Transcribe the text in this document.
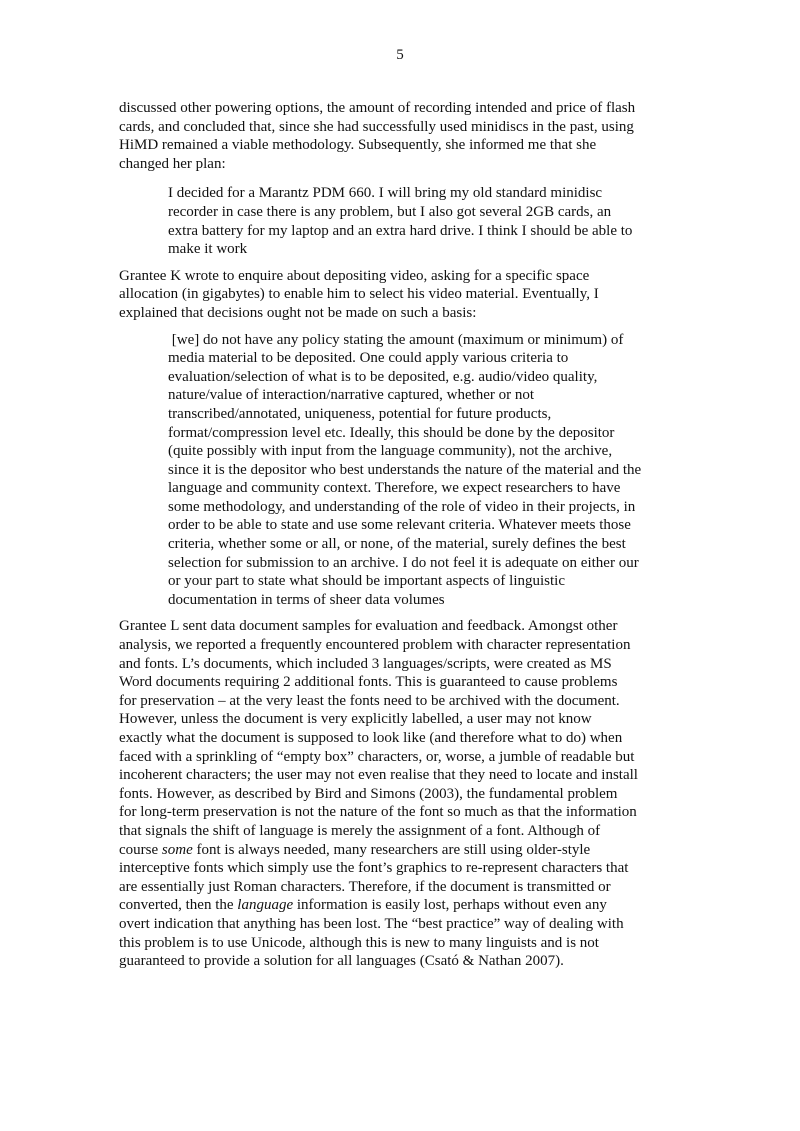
5
discussed other powering options, the amount of recording intended and price of flash
cards, and concluded that, since she had successfully used minidiscs in the past, using
HiMD remained a viable methodology. Subsequently, she informed me that she
changed her plan:
I decided for a Marantz PDM 660. I will bring my old standard minidisc
recorder in case there is any problem, but I also got several 2GB cards, an
extra battery for my laptop and an extra hard drive. I think I should be able to
make it work
Grantee K wrote to enquire about depositing video, asking for a specific space
allocation (in gigabytes) to enable him to select his video material. Eventually, I
explained that decisions ought not be made on such a basis:
[we] do not have any policy stating the amount (maximum or minimum) of
media material to be deposited. One could apply various criteria to
evaluation/selection of what is to be deposited, e.g. audio/video quality,
nature/value of interaction/narrative captured, whether or not
transcribed/annotated, uniqueness, potential for future products,
format/compression level etc. Ideally, this should be done by the depositor
(quite possibly with input from the language community), not the archive,
since it is the depositor who best understands the nature of the material and the
language and community context. Therefore, we expect researchers to have
some methodology, and understanding of the role of video in their projects, in
order to be able to state and use some relevant criteria. Whatever meets those
criteria, whether some or all, or none, of the material, surely defines the best
selection for submission to an archive. I do not feel it is adequate on either our
or your part to state what should be important aspects of linguistic
documentation in terms of sheer data volumes
Grantee L sent data document samples for evaluation and feedback. Amongst other
analysis, we reported a frequently encountered problem with character representation
and fonts. L’s documents, which included 3 languages/scripts, were created as MS
Word documents requiring 2 additional fonts. This is guaranteed to cause problems
for preservation – at the very least the fonts need to be archived with the document.
However, unless the document is very explicitly labelled, a user may not know
exactly what the document is supposed to look like (and therefore what to do) when
faced with a sprinkling of “empty box” characters, or, worse, a jumble of readable but
incoherent characters; the user may not even realise that they need to locate and install
fonts. However, as described by Bird and Simons (2003), the fundamental problem
for long-term preservation is not the nature of the font so much as that the information
that signals the shift of language is merely the assignment of a font. Although of
course some font is always needed, many researchers are still using older-style
interceptive fonts which simply use the font’s graphics to re-represent characters that
are essentially just Roman characters. Therefore, if the document is transmitted or
converted, then the language information is easily lost, perhaps without even any
overt indication that anything has been lost. The “best practice” way of dealing with
this problem is to use Unicode, although this is new to many linguists and is not
guaranteed to provide a solution for all languages (Csató & Nathan 2007).
